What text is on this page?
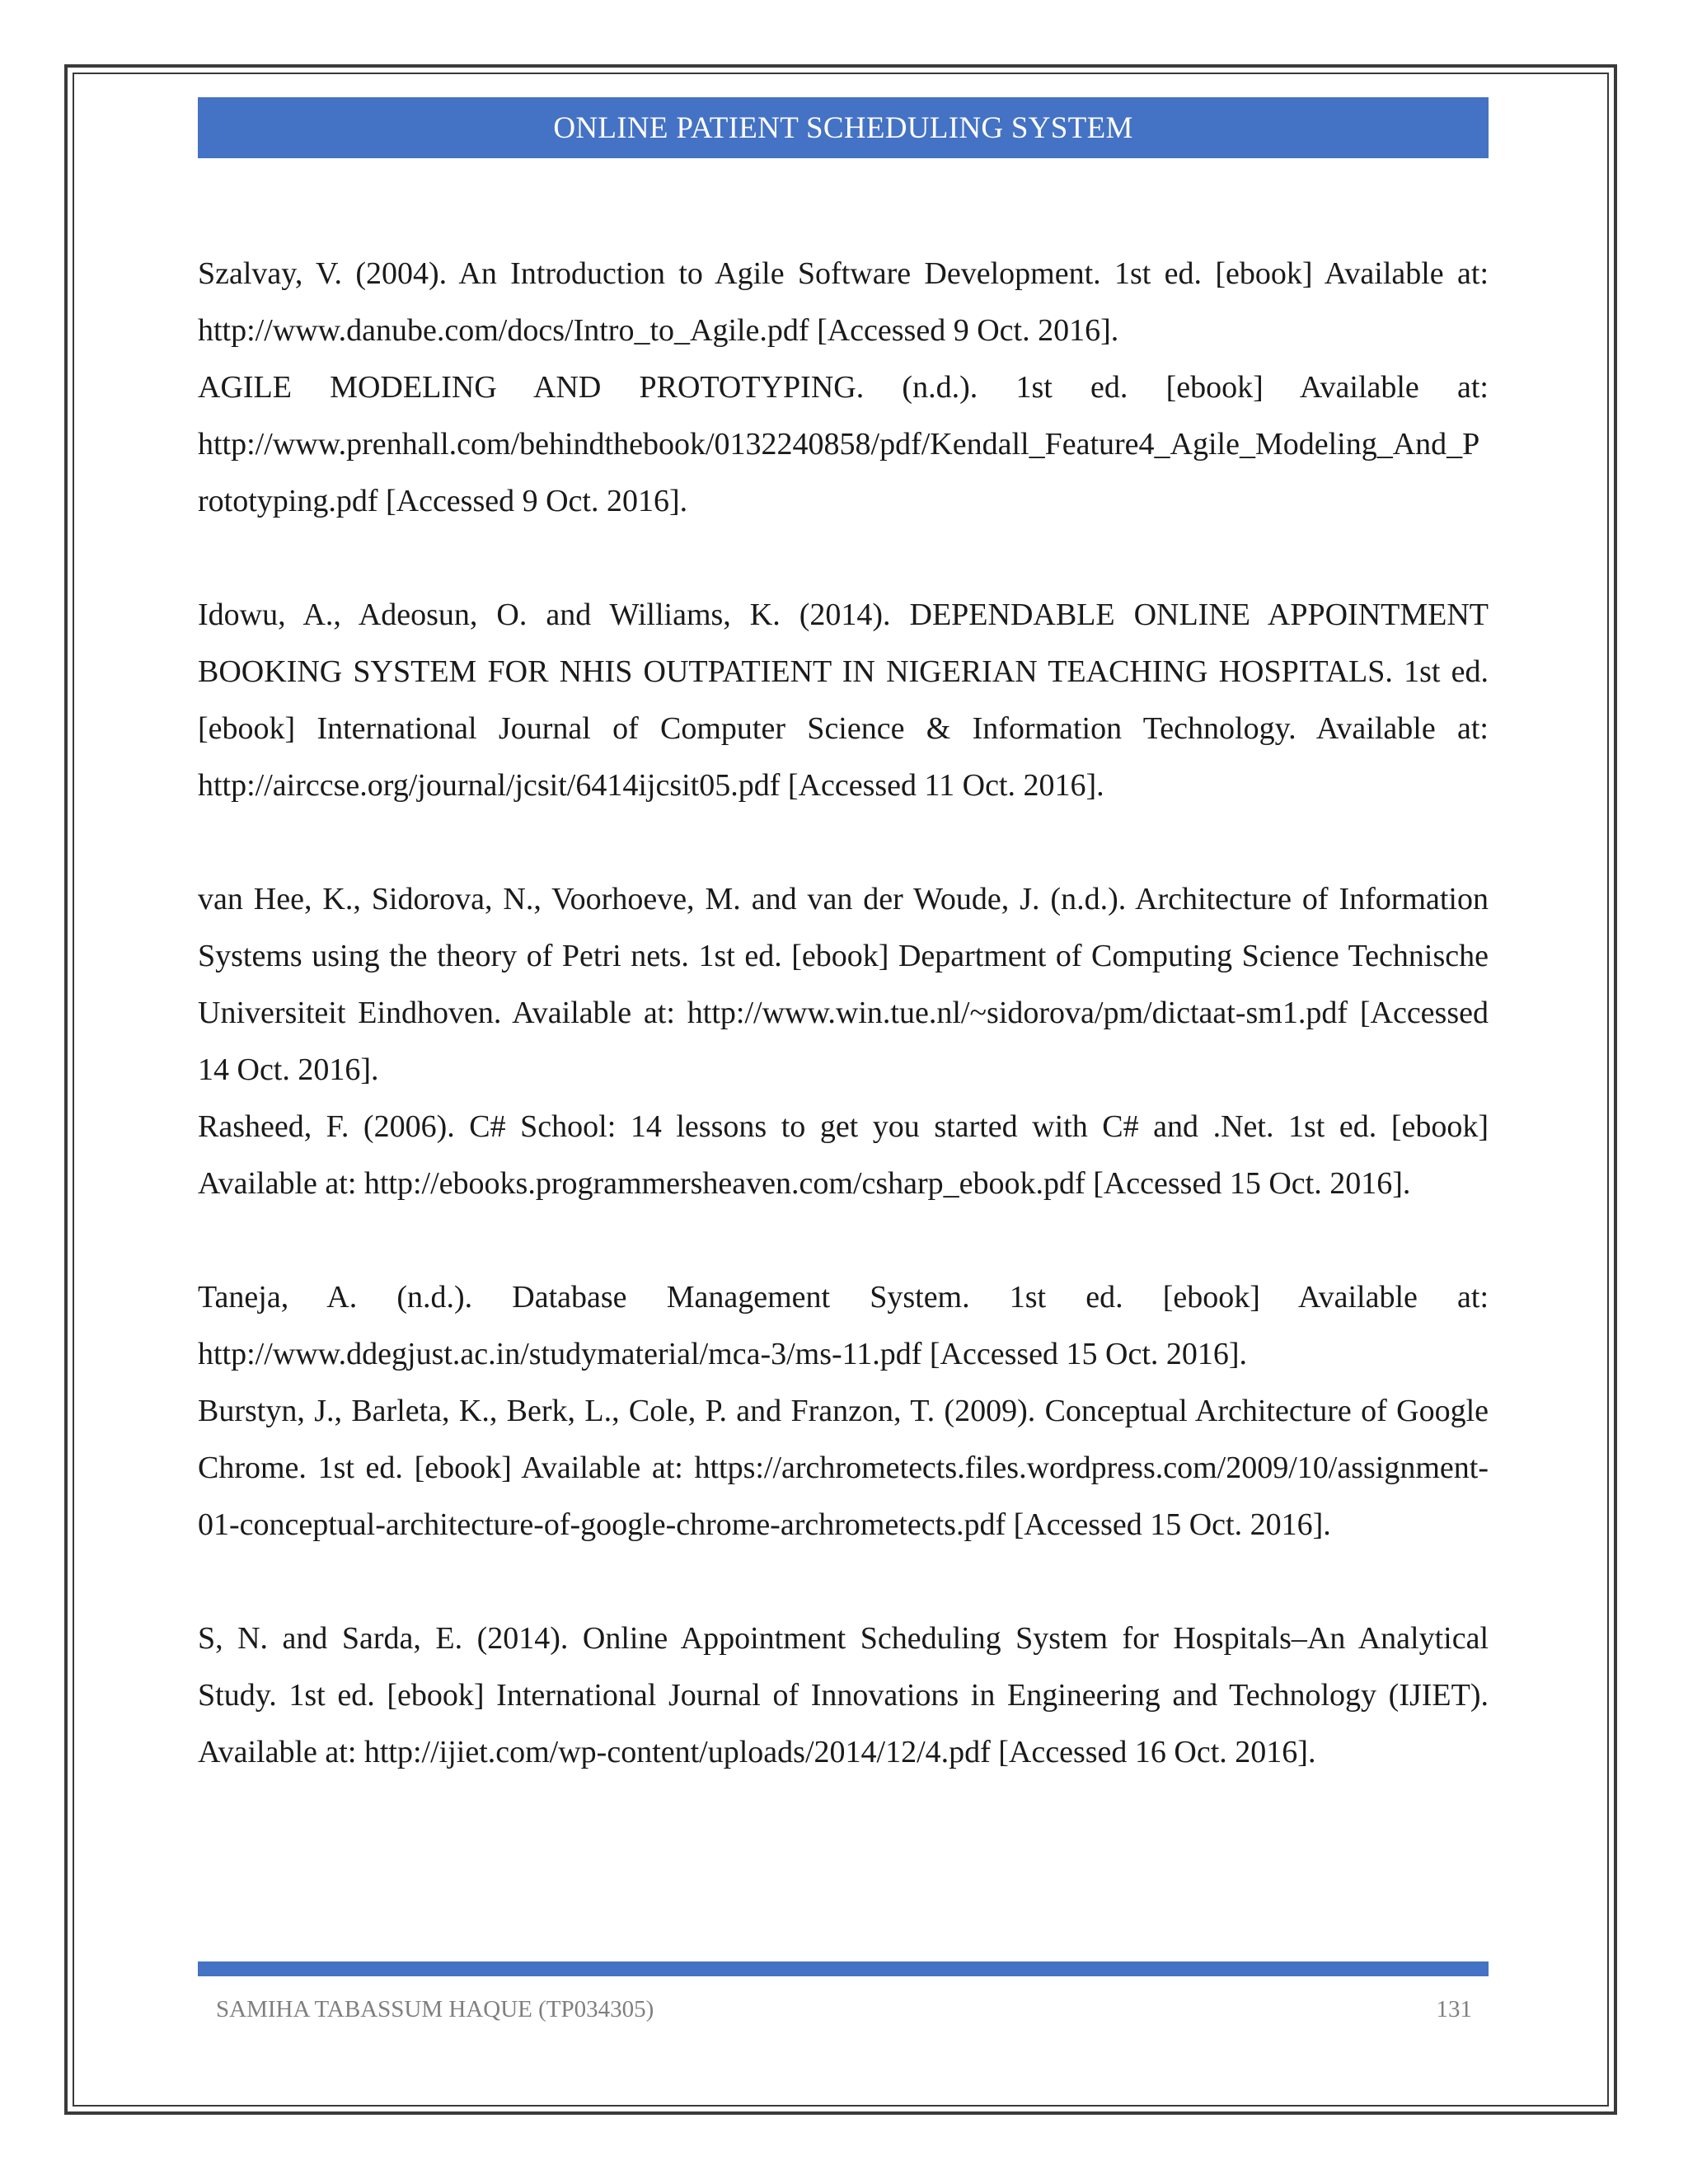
ONLINE PATIENT SCHEDULING SYSTEM

Szalvay, V. (2004). An Introduction to Agile Software Development. 1st ed. [ebook] Available at: http://www.danube.com/docs/Intro_to_Agile.pdf [Accessed 9 Oct. 2016].

AGILE MODELING AND PROTOTYPING. (n.d.). 1st ed. [ebook] Available at: http://www.prenhall.com/behindthebook/0132240858/pdf/Kendall_Feature4_Agile_Modeling_And_Prototyping.pdf [Accessed 9 Oct. 2016].

Idowu, A., Adeosun, O. and Williams, K. (2014). DEPENDABLE ONLINE APPOINTMENT BOOKING SYSTEM FOR NHIS OUTPATIENT IN NIGERIAN TEACHING HOSPITALS. 1st ed. [ebook] International Journal of Computer Science & Information Technology. Available at: http://airccse.org/journal/jcsit/6414ijcsit05.pdf [Accessed 11 Oct. 2016].

van Hee, K., Sidorova, N., Voorhoeve, M. and van der Woude, J. (n.d.). Architecture of Information Systems using the theory of Petri nets. 1st ed. [ebook] Department of Computing Science Technische Universiteit Eindhoven. Available at: http://www.win.tue.nl/~sidorova/pm/dictaat-sm1.pdf [Accessed 14 Oct. 2016].

Rasheed, F. (2006). C# School: 14 lessons to get you started with C# and .Net. 1st ed. [ebook] Available at: http://ebooks.programmersheaven.com/csharp_ebook.pdf [Accessed 15 Oct. 2016].

Taneja, A. (n.d.). Database Management System. 1st ed. [ebook] Available at: http://www.ddegjust.ac.in/studymaterial/mca-3/ms-11.pdf [Accessed 15 Oct. 2016].

Burstyn, J., Barleta, K., Berk, L., Cole, P. and Franzon, T. (2009). Conceptual Architecture of Google Chrome. 1st ed. [ebook] Available at: https://archrometects.files.wordpress.com/2009/10/assignment-01-conceptual-architecture-of-google-chrome-archrometects.pdf [Accessed 15 Oct. 2016].

S, N. and Sarda, E. (2014). Online Appointment Scheduling System for Hospitals–An Analytical Study. 1st ed. [ebook] International Journal of Innovations in Engineering and Technology (IJIET). Available at: http://ijiet.com/wp-content/uploads/2014/12/4.pdf [Accessed 16 Oct. 2016].

SAMIHA TABASSUM HAQUE (TP034305)	131
